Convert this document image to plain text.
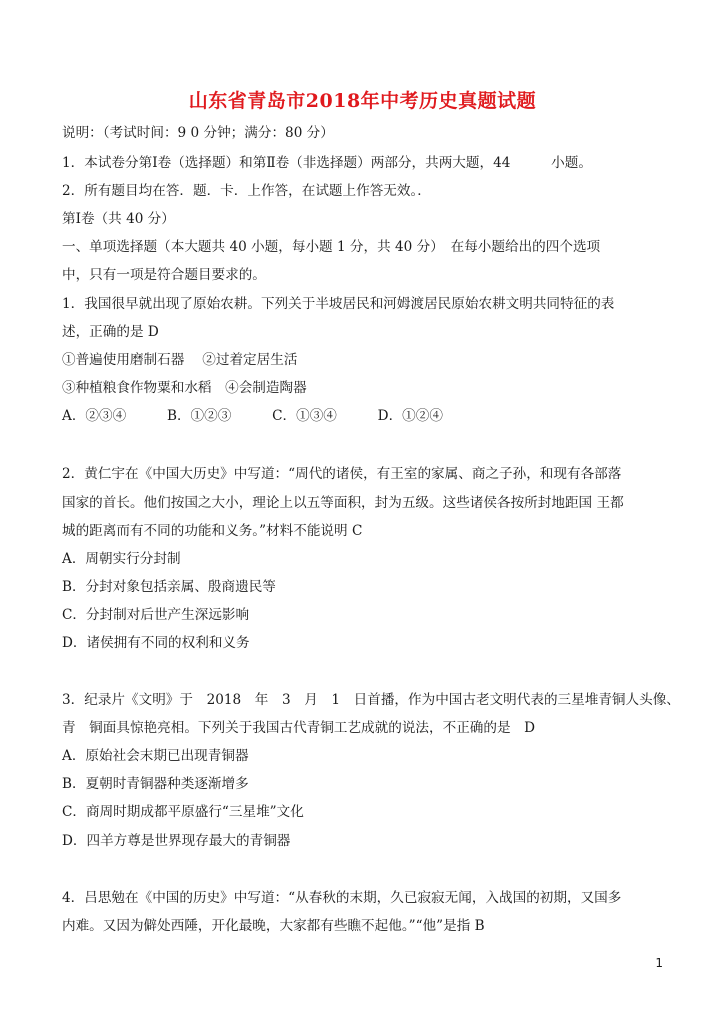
山东省青岛市2018年中考历史真题试题
说明：（考试时间：9 0 分钟；满分：80 分）
1．本试卷分第Ⅰ卷（选择题）和第Ⅱ卷（非选择题）两部分，共两大题，44　　　小题。
2．所有题目均在答．题．卡．上作答，在试题上作答无效。．
第Ⅰ卷（共 40 分）
一、单项选择题（本大题共 40 小题，每小题 1 分，共 40 分）　在每小题给出的四个选项
中，只有一项是符合题目要求的。
1．我国很早就出现了原始农耕。下列关于半坡居民和河姆渡居民原始农耕文明共同特征的表
述，正确的是 D
①普遍使用磨制石器　 ②过着定居生活
③种植粮食作物粟和水稻　④会制造陶器
A．②③④　　　B．①②③　　　C．①③④　　　D．①②④
2．黄仁宇在《中国大历史》中写道：“周代的诸侯，有王室的家属、商之子孙，和现有各部落
国家的首长。他们按国之大小，理论上以五等面积，封为五级。这些诸侯各按所封地距国 王都
城的距离而有不同的功能和义务。”材料不能说明 C
A．周朝实行分封制
B．分封对象包括亲属、殷商遗民等
C．分封制对后世产生深远影响
D．诸侯拥有不同的权利和义务
3．纪录片《文明》于　2018　年　3　月　1　日首播，作为中国古老文明代表的三星堆青铜人头像、
青　铜面具惊艳亮相。下列关于我国古代青铜工艺成就的说法，不正确的是　D
A．原始社会末期已出现青铜器
B．夏朝时青铜器种类逐渐增多
C．商周时期成都平原盛行“三星堆”文化
D．四羊方尊是世界现存最大的青铜器
4．吕思勉在《中国的历史》中写道：“从春秋的末期，久已寂寂无闻，入战国的初期，又国多
内难。又因为僻处西陲，开化最晚，大家都有些瞧不起他。”“他”是指 B
1
